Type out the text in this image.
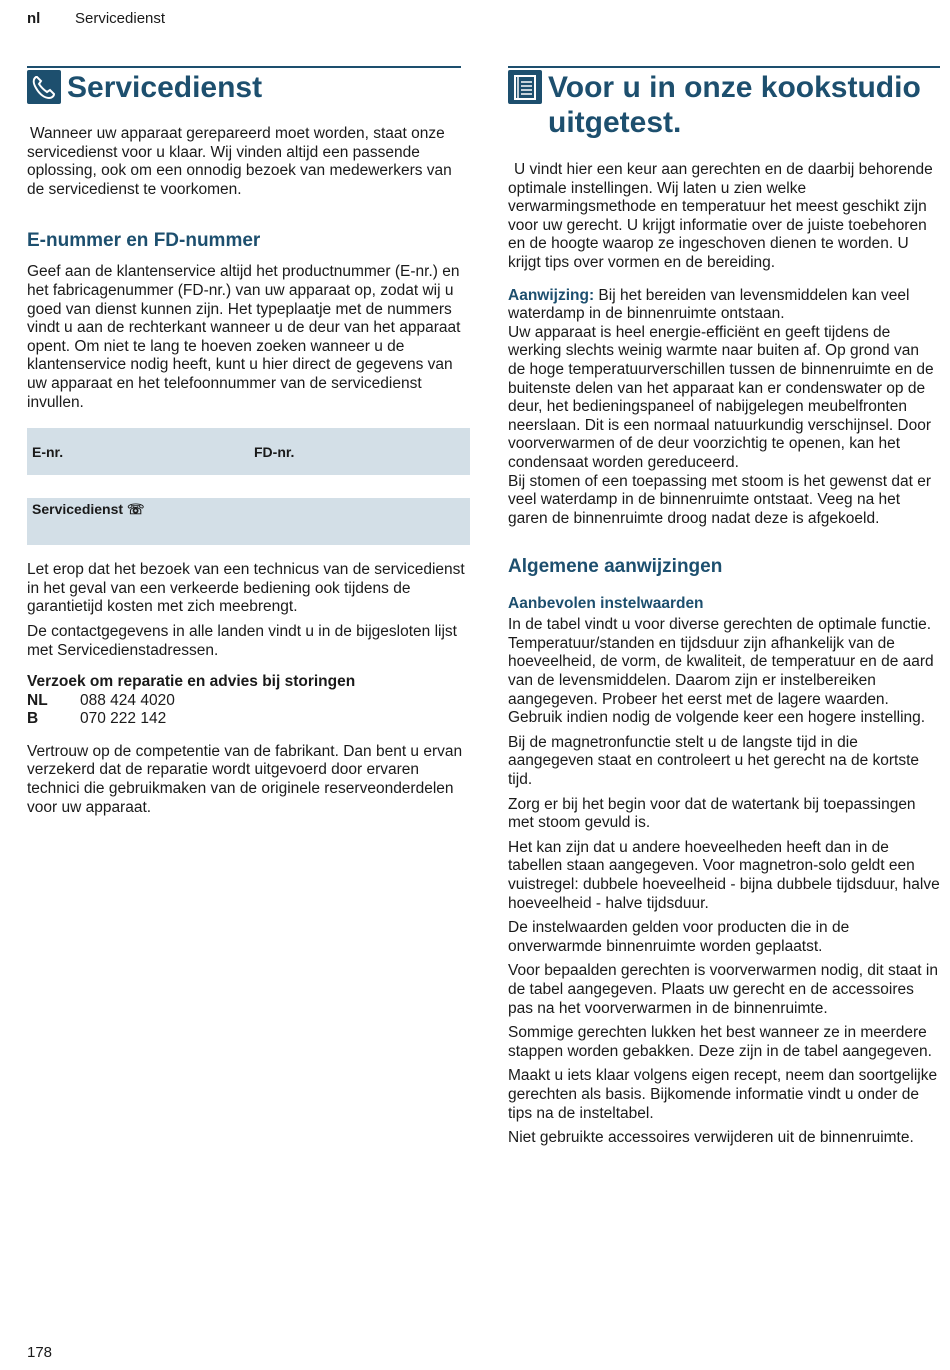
nl Servicedienst
Servicedienst

Wanneer uw apparaat gerepareerd moet worden, staat onze servicedienst voor u klaar. Wij vinden altijd een passende oplossing, ook om een onnodig bezoek van medewerkers van de servicedienst te voorkomen.

E-nummer en FD-nummer

Geef aan de klantenservice altijd het productnummer (E-nr.) en het fabricagenummer (FD-nr.) van uw apparaat op, zodat wij u goed van dienst kunnen zijn. Het typeplaatje met de nummers vindt u aan de rechterkant wanneer u de deur van het apparaat opent. Om niet te lang te hoeven zoeken wanneer u de klantenservice nodig heeft, kunt u hier direct de gegevens van uw apparaat en het telefoonnummer van de servicedienst invullen.

E-nr.	FD-nr.
Servicedienst ☏

Let erop dat het bezoek van een technicus van de servicedienst in het geval van een verkeerde bediening ook tijdens de garantietijd kosten met zich meebrengt.

De contactgegevens in alle landen vindt u in de bijgesloten lijst met Servicedienstadressen.

Verzoek om reparatie en advies bij storingen
NL	088 424 4020
B	070 222 142

Vertrouw op de competentie van de fabrikant. Dan bent u ervan verzekerd dat de reparatie wordt uitgevoerd door ervaren technici die gebruikmaken van de originele reserveonderdelen voor uw apparaat.

Voor u in onze kookstudio uitgetest.

U vindt hier een keur aan gerechten en de daarbij behorende optimale instellingen. Wij laten u zien welke verwarmingsmethode en temperatuur het meest geschikt zijn voor uw gerecht. U krijgt informatie over de juiste toebehoren en de hoogte waarop ze ingeschoven dienen te worden. U krijgt tips over vormen en de bereiding.

Aanwijzing: Bij het bereiden van levensmiddelen kan veel waterdamp in de binnenruimte ontstaan.

Uw apparaat is heel energie-efficiënt en geeft tijdens de werking slechts weinig warmte naar buiten af. Op grond van de hoge temperatuurverschillen tussen de binnenruimte en de buitenste delen van het apparaat kan er condenswater op de deur, het bedieningspaneel of nabijgelegen meubelfronten neerslaan. Dit is een normaal natuurkundig verschijnsel. Door voorverwarmen of de deur voorzichtig te openen, kan het condensaat worden gereduceerd.

Bij stomen of een toepassing met stoom is het gewenst dat er veel waterdamp in de binnenruimte ontstaat. Veeg na het garen de binnenruimte droog nadat deze is afgekoeld.

Algemene aanwijzingen
Aanbevolen instelwaarden

In de tabel vindt u voor diverse gerechten de optimale functie. Temperatuur/standen en tijdsduur zijn afhankelijk van de hoeveelheid, de vorm, de kwaliteit, de temperatuur en de aard van de levensmiddelen. Daarom zijn er instelbereiken aangegeven. Probeer het eerst met de lagere waarden. Gebruik indien nodig de volgende keer een hogere instelling.

Bij de magnetronfunctie stelt u de langste tijd in die aangegeven staat en controleert u het gerecht na de kortste tijd.

Zorg er bij het begin voor dat de watertank bij toepassingen met stoom gevuld is.

Het kan zijn dat u andere hoeveelheden heeft dan in de tabellen staan aangegeven. Voor magnetron-solo geldt een vuistregel: dubbele hoeveelheid - bijna dubbele tijdsduur, halve hoeveelheid - halve tijdsduur.

De instelwaarden gelden voor producten die in de onverwarmde binnenruimte worden geplaatst.

Voor bepaalden gerechten is voorverwarmen nodig, dit staat in de tabel aangegeven. Plaats uw gerecht en de accessoires pas na het voorverwarmen in de binnenruimte.

Sommige gerechten lukken het best wanneer ze in meerdere stappen worden gebakken. Deze zijn in de tabel aangegeven.

Maakt u iets klaar volgens eigen recept, neem dan soortgelijke gerechten als basis. Bijkomende informatie vindt u onder de tips na de insteltabel.

Niet gebruikte accessoires verwijderen uit de binnenruimte.

178
